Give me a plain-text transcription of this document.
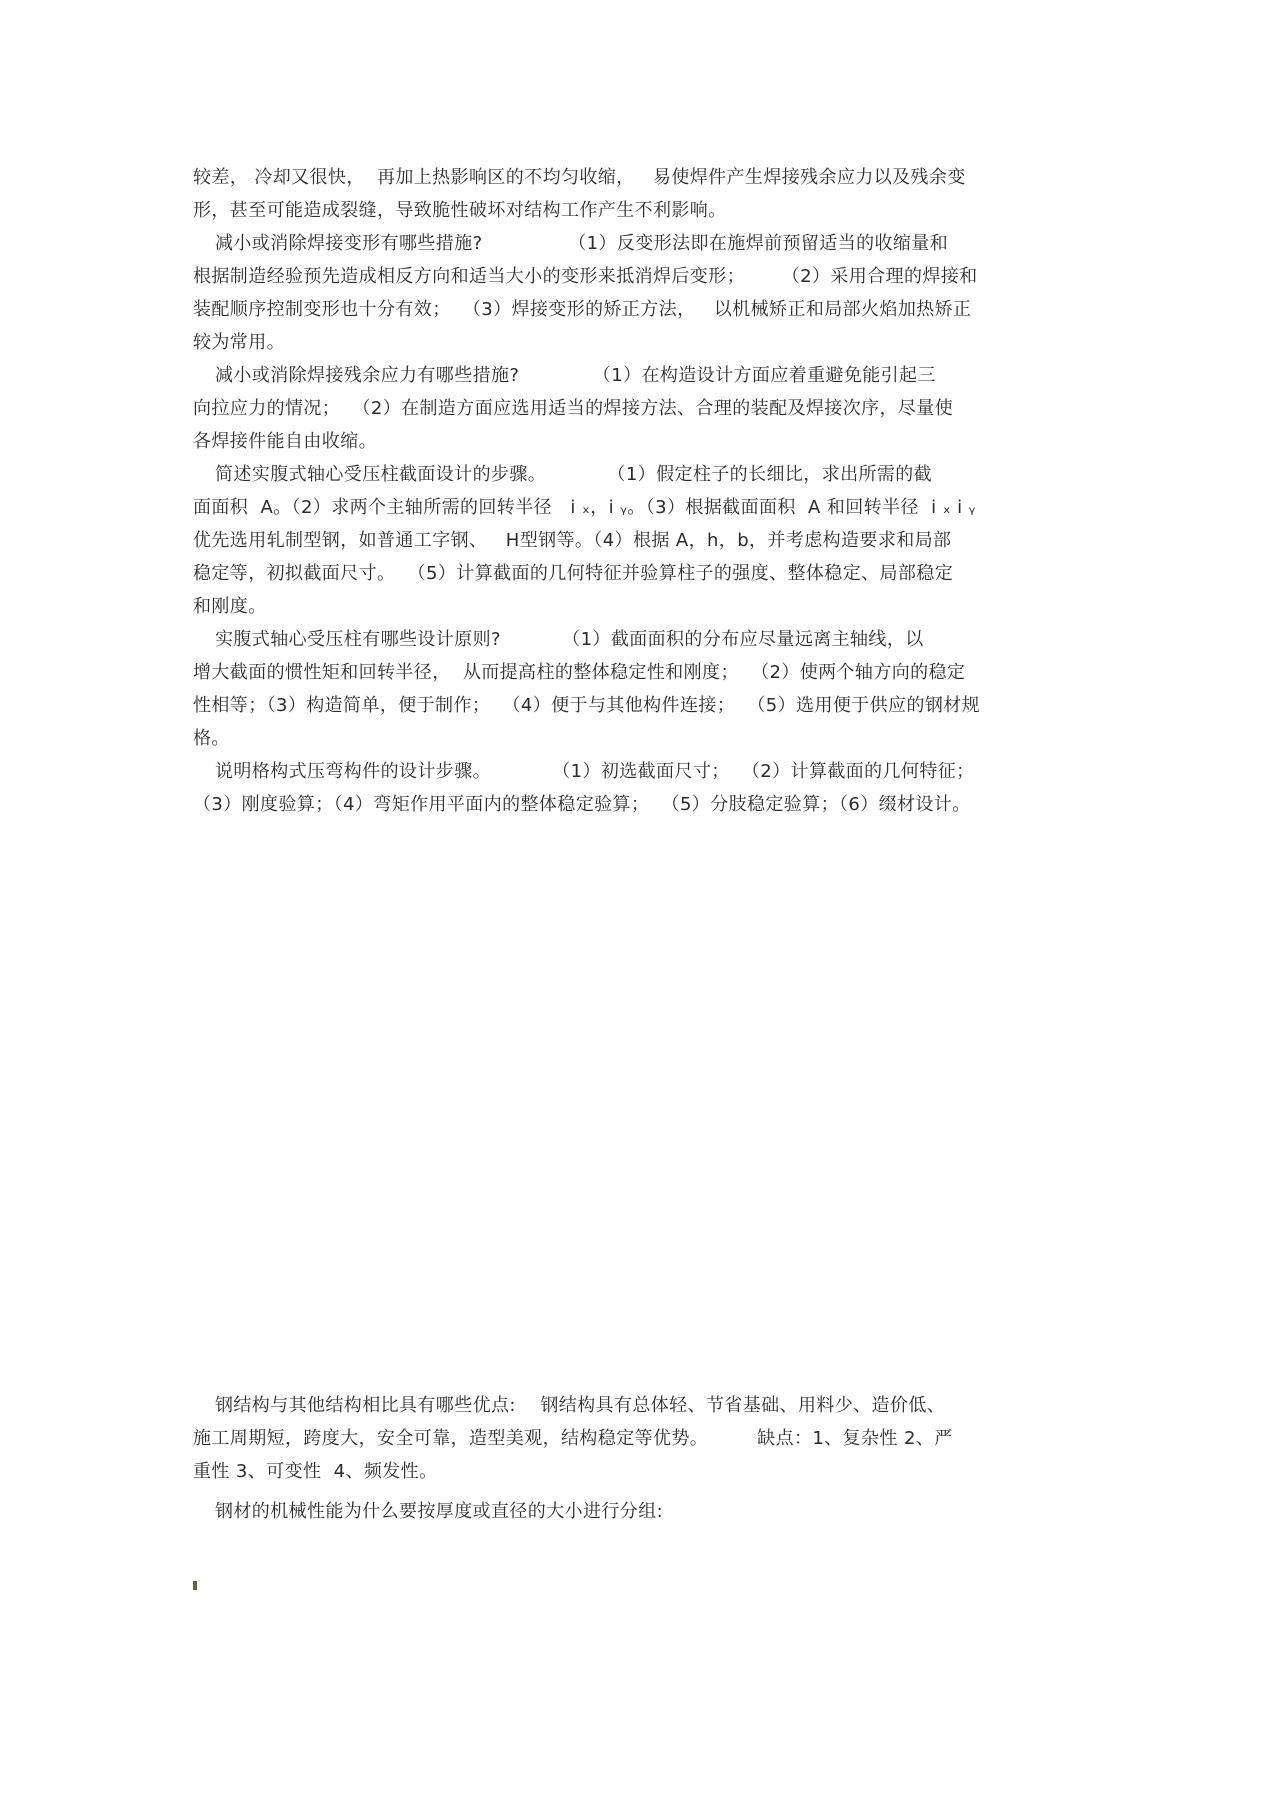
较差， 冷却又很快，  再加上热影响区的不均匀收缩，   易使焊件产生焊接残余应力以及残余变
形，甚至可能造成裂缝，导致脆性破坏对结构工作产生不利影响。
减小或消除焊接变形有哪些措施?              （1）反变形法即在施焊前预留适当的收缩量和
根据制造经验预先造成相反方向和适当大小的变形来抵消焊后变形；      （2）采用合理的焊接和
装配顺序控制变形也十分有效；  （3）焊接变形的矫正方法，   以机械矫正和局部火焰加热矫正
较为常用。
减小或消除焊接残余应力有哪些措施?            （1）在构造设计方面应着重避免能引起三
向拉应力的情况；  （2）在制造方面应选用适当的焊接方法、合理的装配及焊接次序，尽量使
各焊接件能自由收缩。
简述实腹式轴心受压柱截面设计的步骤。          （1）假定柱子的长细比，求出所需的截
面面积  A。（2）求两个主轴所需的回转半径   i ₓ，i ᵧ。（3）根据截面面积  A 和回转半径  i ₓ i ᵧ
优先选用轧制型钢，如普通工字钢、   H型钢等。（4）根据 A，h，b，并考虑构造要求和局部
稳定等，初拟截面尺寸。  （5）计算截面的几何特征并验算柱子的强度、整体稳定、局部稳定
和刚度。
实腹式轴心受压柱有哪些设计原则?          （1）截面面积的分布应尽量远离主轴线，以
增大截面的惯性矩和回转半径，  从而提高柱的整体稳定性和刚度；  （2）使两个轴方向的稳定
性相等；（3）构造简单，便于制作；  （4）便于与其他构件连接；  （5）选用便于供应的钢材规
格。
说明格构式压弯构件的设计步骤。          （1）初选截面尺寸；  （2）计算截面的几何特征；
（3）刚度验算；（4）弯矩作用平面内的整体稳定验算；  （5）分肢稳定验算；（6）缀材设计。
钢结构与其他结构相比具有哪些优点:    钢结构具有总体轻、节省基础、用料少、造价低、
施工周期短，跨度大，安全可靠，造型美观，结构稳定等优势。        缺点：1、复杂性 2、严
重性 3、可变性  4、频发性。
钢材的机械性能为什么要按厚度或直径的大小进行分组:
